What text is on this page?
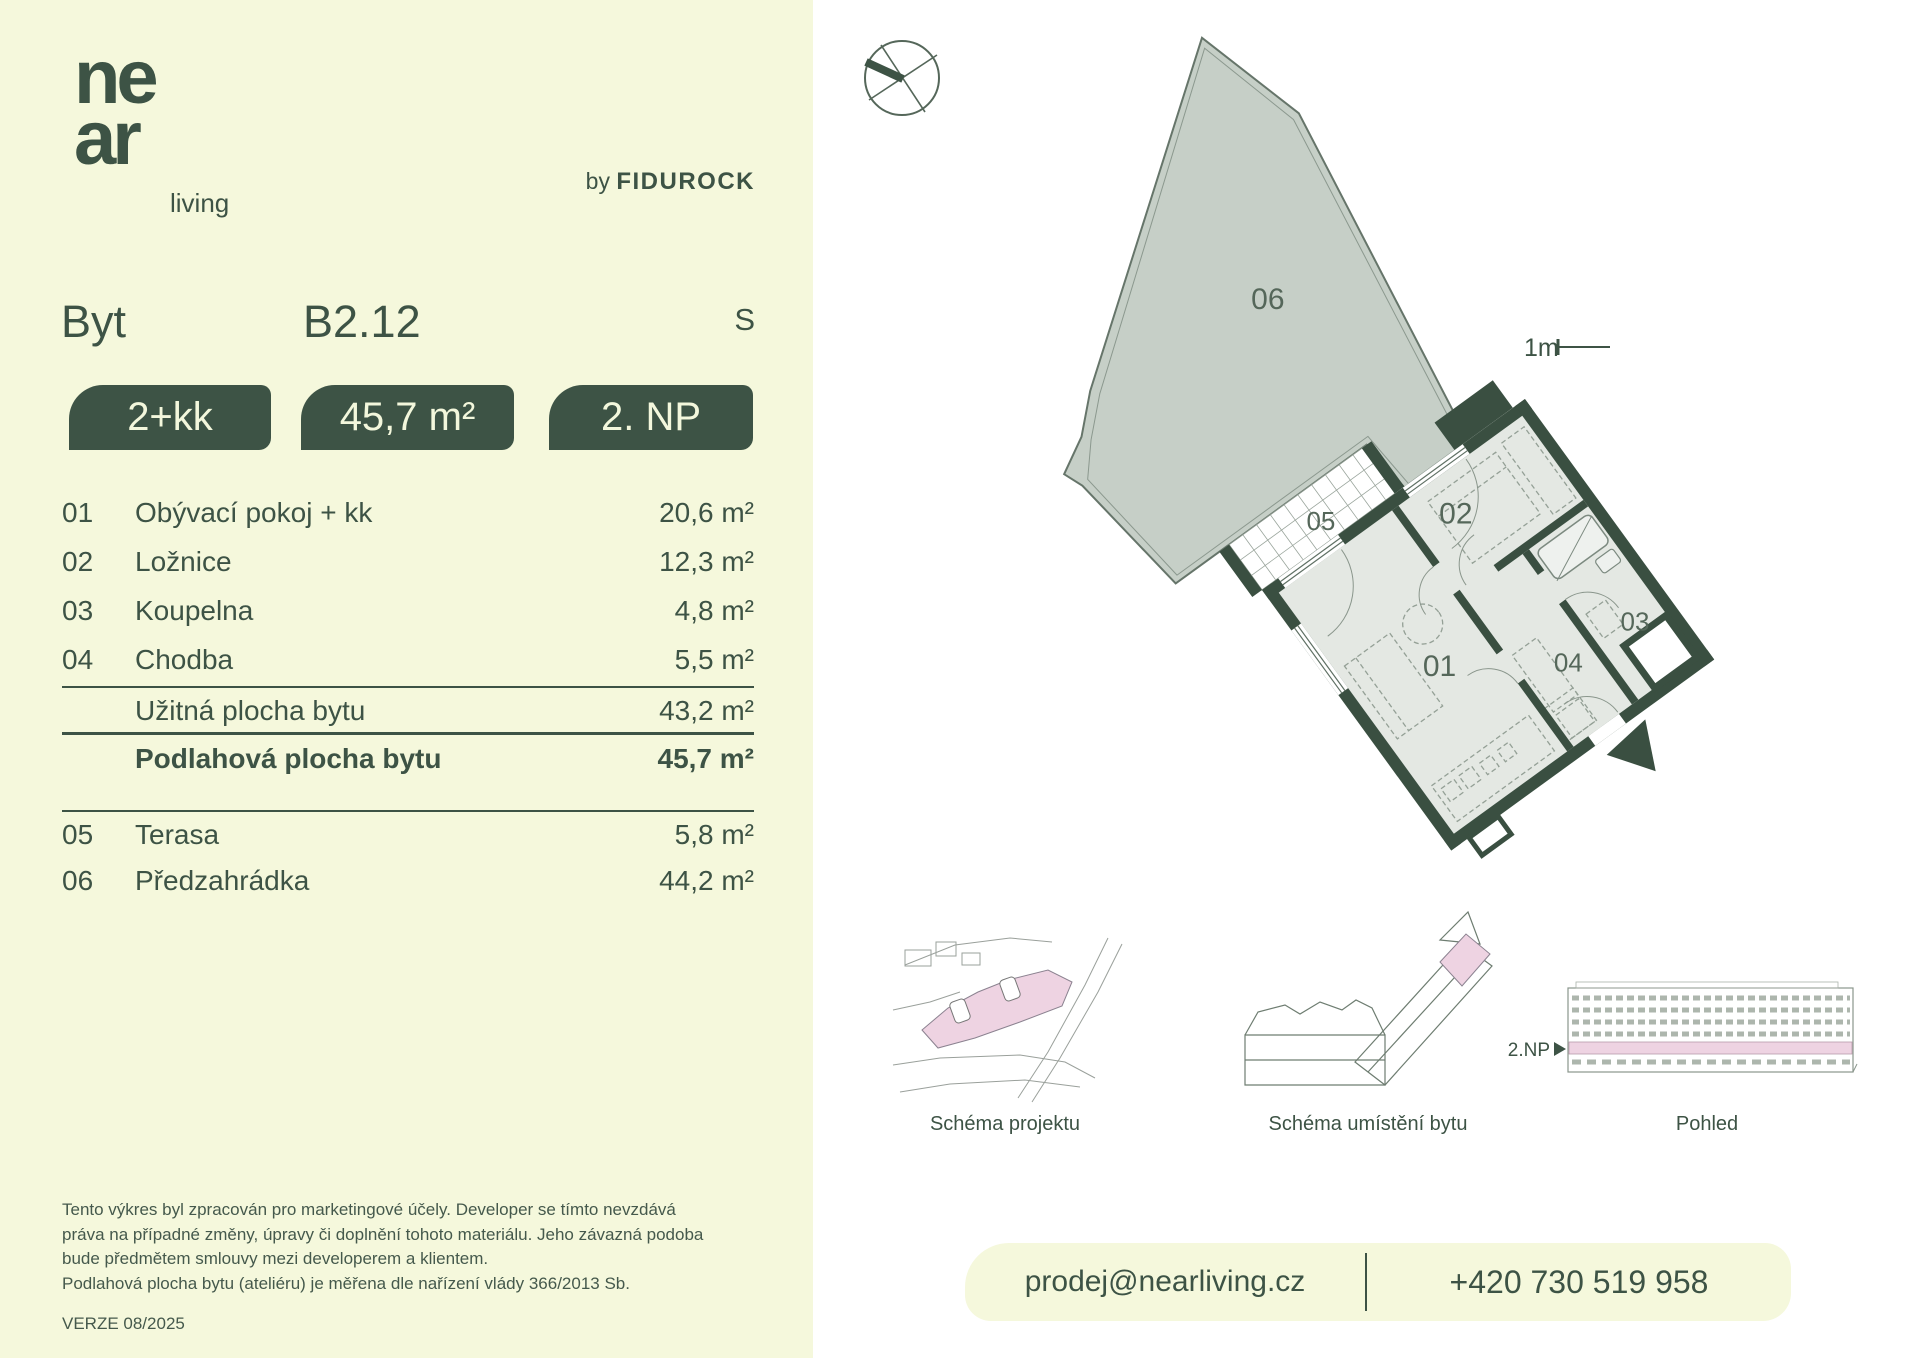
ne
ar
living
by FIDUROCK
Byt	B2.12	S
2+kk	45,7 m²	2. NP
01	Obývací pokoj + kk	20,6 m²
02	Ložnice	12,3 m²
03	Koupelna	4,8 m²
04	Chodba	5,5 m²
Užitná plocha bytu	43,2 m²
Podlahová plocha bytu	45,7 m²
05	Terasa	5,8 m²
06	Předzahrádka	44,2 m²
Tento výkres byl zpracován pro marketingové účely. Developer se tímto nevzdává práva na případné změny, úpravy či doplnění tohoto materiálu. Jeho závazná podoba bude předmětem smlouvy mezi developerem a klientem.
Podlahová plocha bytu (ateliéru) je měřena dle nařízení vlády 366/2013 Sb.
VERZE 08/2025
01
02
03
04
05
06
1m
Schéma projektu	Schéma umístění bytu
2.NP
Pohled
prodej@nearliving.cz	+420 730 519 958
